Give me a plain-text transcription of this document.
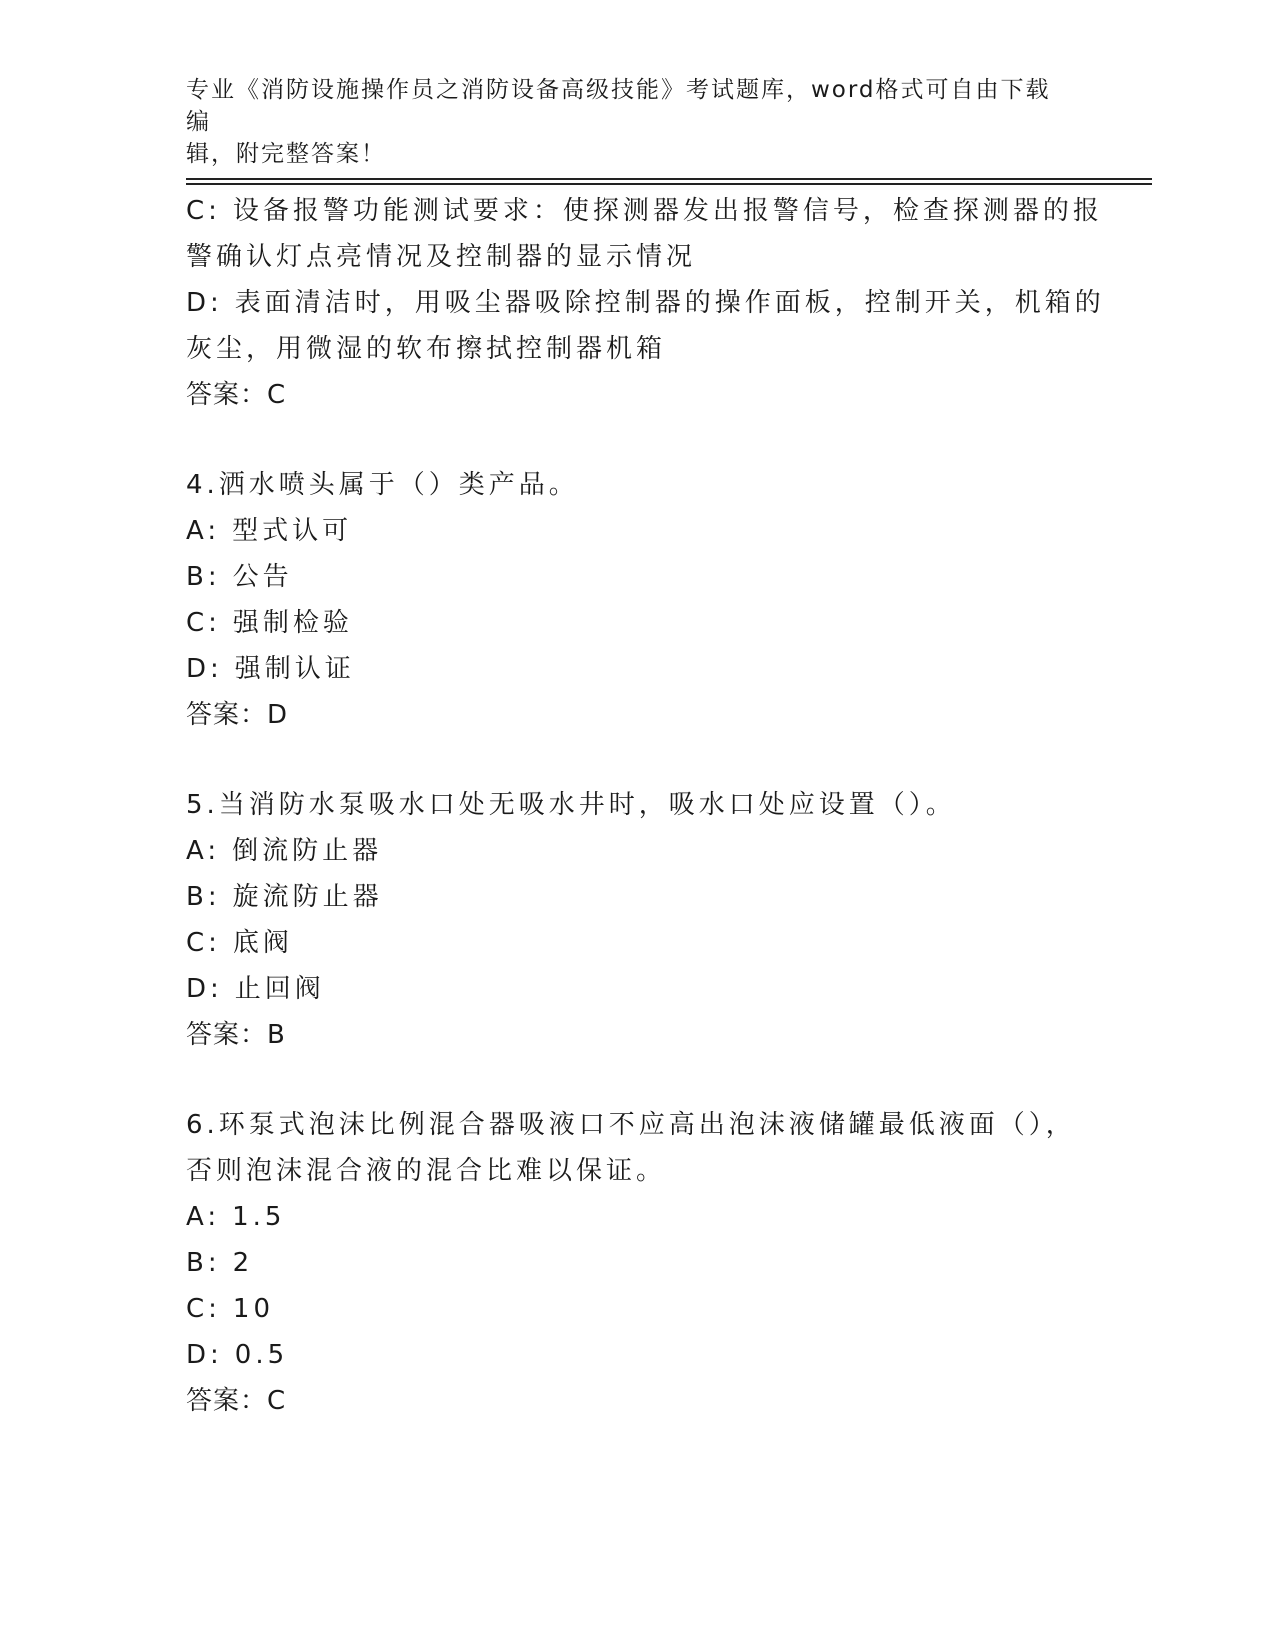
专业《消防设施操作员之消防设备高级技能》考试题库，word格式可自由下载编
辑，附完整答案！
C: 设备报警功能测试要求：使探测器发出报警信号，检查探测器的报
警确认灯点亮情况及控制器的显示情况
D: 表面清洁时，用吸尘器吸除控制器的操作面板，控制开关，机箱的
灰尘，用微湿的软布擦拭控制器机箱
答案：C
4.洒水喷头属于（）类产品。
A: 型式认可
B: 公告
C: 强制检验
D: 强制认证
答案：D
5.当消防水泵吸水口处无吸水井时，吸水口处应设置（）。
A: 倒流防止器
B: 旋流防止器
C: 底阀
D: 止回阀
答案：B
6.环泵式泡沫比例混合器吸液口不应高出泡沫液储罐最低液面（），
否则泡沫混合液的混合比难以保证。
A: 1.5
B: 2
C: 10
D: 0.5
答案：C
